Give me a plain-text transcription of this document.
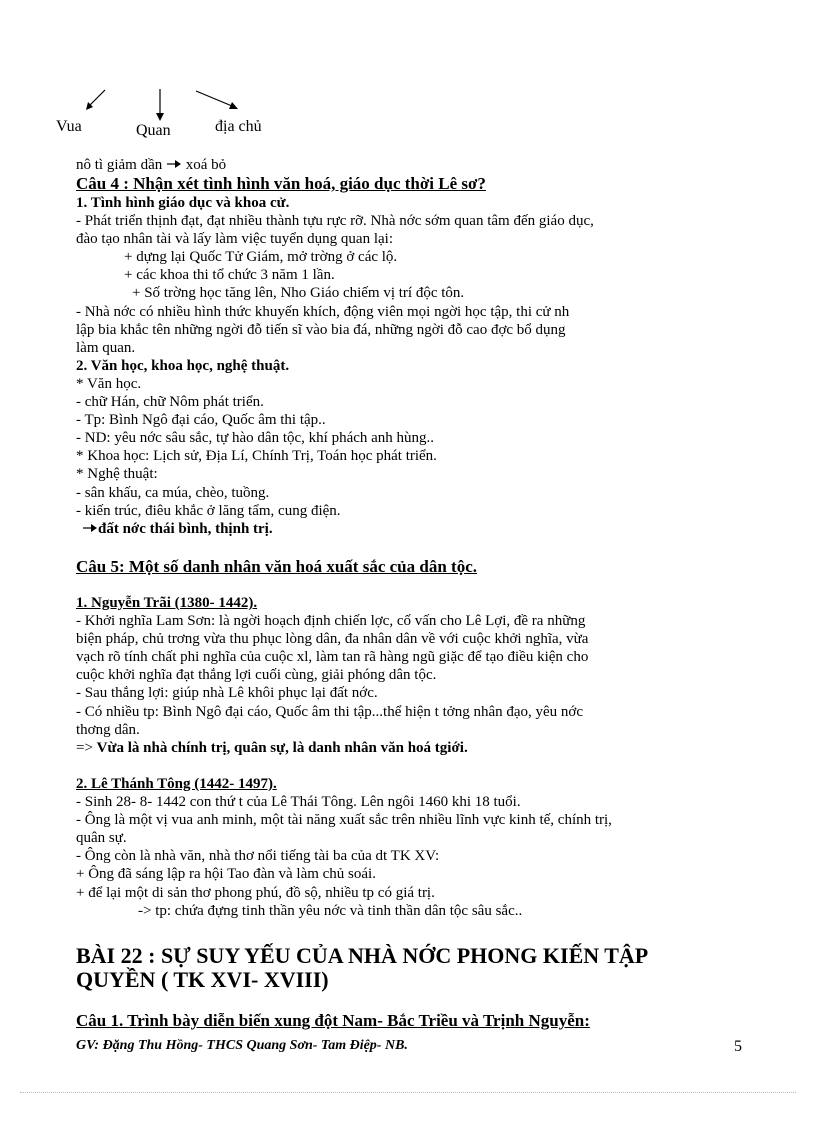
Vua	Quan	địa chủ
nô tì giảm dần xoá bỏ
Câu 4 : Nhận xét tình hình văn hoá, giáo dục thời Lê sơ?
1. Tình hình giáo dục và khoa cử.
- Phát triển thịnh đạt, đạt nhiều thành tựu rực rỡ. Nhà nớc sớm quan tâm đến giáo dục,
đào tạo nhân tài và lấy làm việc tuyển dụng quan lại:
+ dựng lại Quốc Tử Giám, mở trờng ở các lộ.
+ các khoa thi tổ chức 3 năm 1 lần.
+ Số trờng học tăng lên, Nho Giáo chiếm vị trí độc tôn.
- Nhà nớc có nhiều hình thức khuyến khích, động viên mọi ngời học tập, thi cử nh
lập bia khắc tên những ngời đỗ tiến sĩ vào bia đá, những ngời đỗ cao đợc bổ dụng
làm quan.
2. Văn học, khoa học, nghệ thuật.
* Văn học.
- chữ Hán, chữ Nôm phát triển.
- Tp: Bình Ngô đại cáo, Quốc âm thi tập..
- ND: yêu nớc sâu sắc, tự hào dân tộc, khí phách anh hùng..
* Khoa học: Lịch sử, Địa Lí, Chính Trị, Toán học phát triển.
* Nghệ thuật:
- sân khấu, ca múa, chèo, tuồng.
- kiến trúc, điêu khắc ở lăng tẩm, cung điện.
đất nớc thái bình, thịnh trị.
Câu 5: Một số danh nhân văn hoá xuất sắc của dân tộc.
1. Nguyễn Trãi (1380- 1442).
- Khởi nghĩa Lam Sơn: là ngời hoạch định chiến lợc, cố vấn cho Lê Lợi, đề ra những
biện pháp, chủ trơng vừa thu phục lòng dân, đa nhân dân về với cuộc khởi nghĩa, vừa
vạch rõ tính chất phi nghĩa của cuộc xl, làm tan rã hàng ngũ giặc để tạo điều kiện cho
cuộc khởi nghĩa đạt thắng lợi cuối cùng, giải phóng dân tộc.
- Sau thắng lợi: giúp nhà Lê khôi phục lại đất nớc.
- Có nhiều tp: Bình Ngô đại cáo, Quốc âm thi tập...thể hiện t tởng nhân đạo, yêu nớc
thơng dân.
=> Vừa là nhà chính trị, quân sự, là danh nhân văn hoá tgiới.
2. Lê Thánh Tông (1442- 1497).
- Sinh 28- 8- 1442 con thứ t của Lê Thái Tông. Lên ngôi 1460 khi 18 tuổi.
- Ông là một vị vua anh minh, một tài năng xuất sắc trên nhiều lĩnh vực kinh tế, chính trị,
quân sự.
- Ông còn là nhà văn, nhà thơ nổi tiếng tài ba của dt TK XV:
+ Ông đã sáng lập ra hội Tao đàn và làm chủ soái.
+ để lại một di sản thơ phong phú, đồ sộ, nhiều tp có giá trị.
-> tp: chứa đựng tinh thần yêu nớc và tinh thần dân tộc sâu sắc..
BÀI 22 : SỰ SUY YẾU CỦA NHÀ NỚC PHONG KIẾN TẬP
QUYỀN ( TK XVI- XVIII)
Câu 1. Trình bày diễn biến xung đột Nam- Bắc Triều và Trịnh Nguyễn:
GV: Đặng Thu Hồng- THCS Quang Sơn- Tam Điệp- NB.	5
